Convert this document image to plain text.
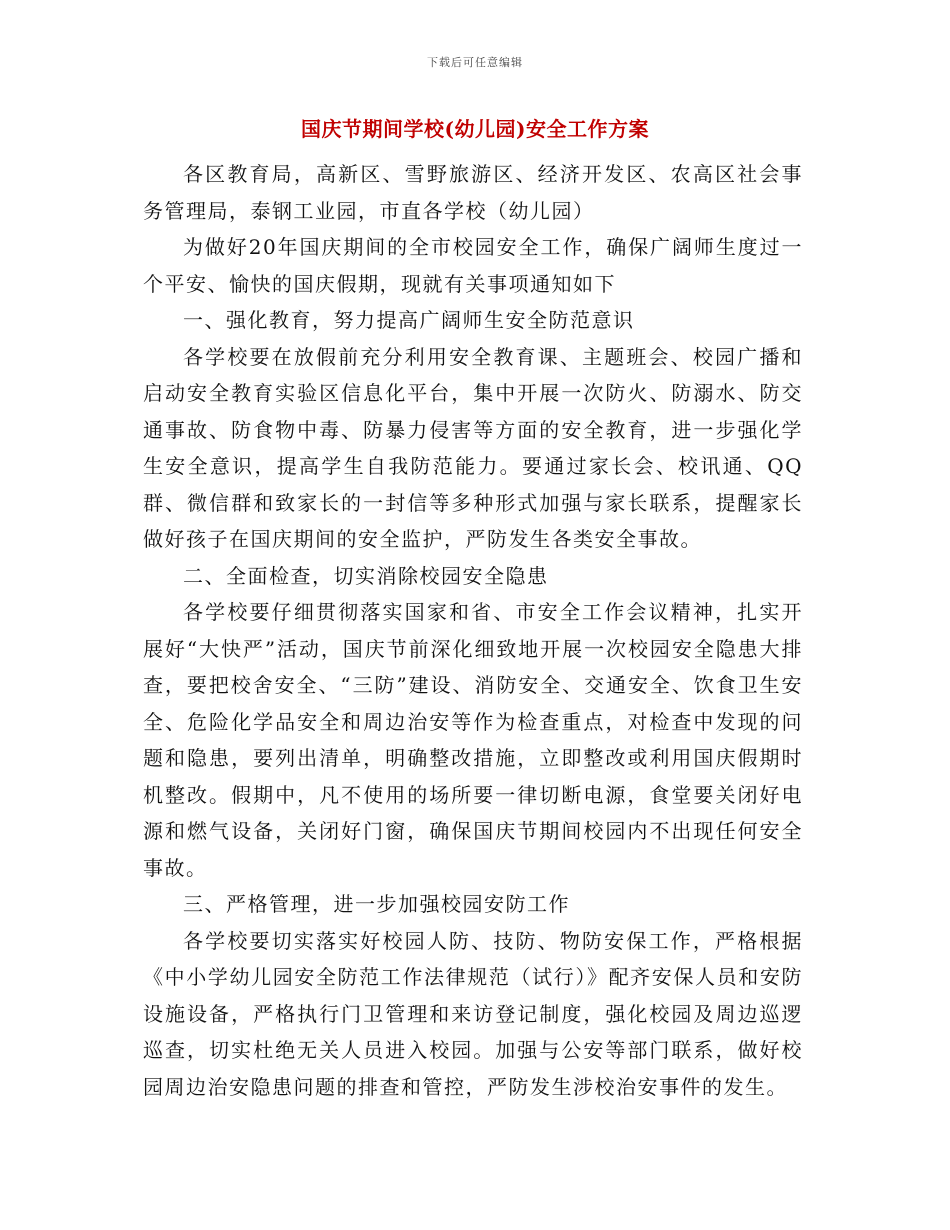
下载后可任意编辑
国庆节期间学校(幼儿园)安全工作方案

各区教育局，高新区、雪野旅游区、经济开发区、农高区社会事务管理局，泰钢工业园，市直各学校（幼儿园）

为做好20年国庆期间的全市校园安全工作，确保广阔师生度过一个平安、愉快的国庆假期，现就有关事项通知如下

一、强化教育，努力提高广阔师生安全防范意识

各学校要在放假前充分利用安全教育课、主题班会、校园广播和启动安全教育实验区信息化平台，集中开展一次防火、防溺水、防交通事故、防食物中毒、防暴力侵害等方面的安全教育，进一步强化学生安全意识，提高学生自我防范能力。要通过家长会、校讯通、QQ群、微信群和致家长的一封信等多种形式加强与家长联系，提醒家长做好孩子在国庆期间的安全监护，严防发生各类安全事故。

二、全面检查，切实消除校园安全隐患

各学校要仔细贯彻落实国家和省、市安全工作会议精神，扎实开展好“大快严”活动，国庆节前深化细致地开展一次校园安全隐患大排查，要把校舍安全、“三防”建设、消防安全、交通安全、饮食卫生安全、危险化学品安全和周边治安等作为检查重点，对检查中发现的问题和隐患，要列出清单，明确整改措施，立即整改或利用国庆假期时机整改。假期中，凡不使用的场所要一律切断电源，食堂要关闭好电源和燃气设备，关闭好门窗，确保国庆节期间校园内不出现任何安全事故。

三、严格管理，进一步加强校园安防工作

各学校要切实落实好校园人防、技防、物防安保工作，严格根据《中小学幼儿园安全防范工作法律规范（试行）》配齐安保人员和安防设施设备，严格执行门卫管理和来访登记制度，强化校园及周边巡逻巡查，切实杜绝无关人员进入校园。加强与公安等部门联系，做好校园周边治安隐患问题的排查和管控，严防发生涉校治安事件的发生。
